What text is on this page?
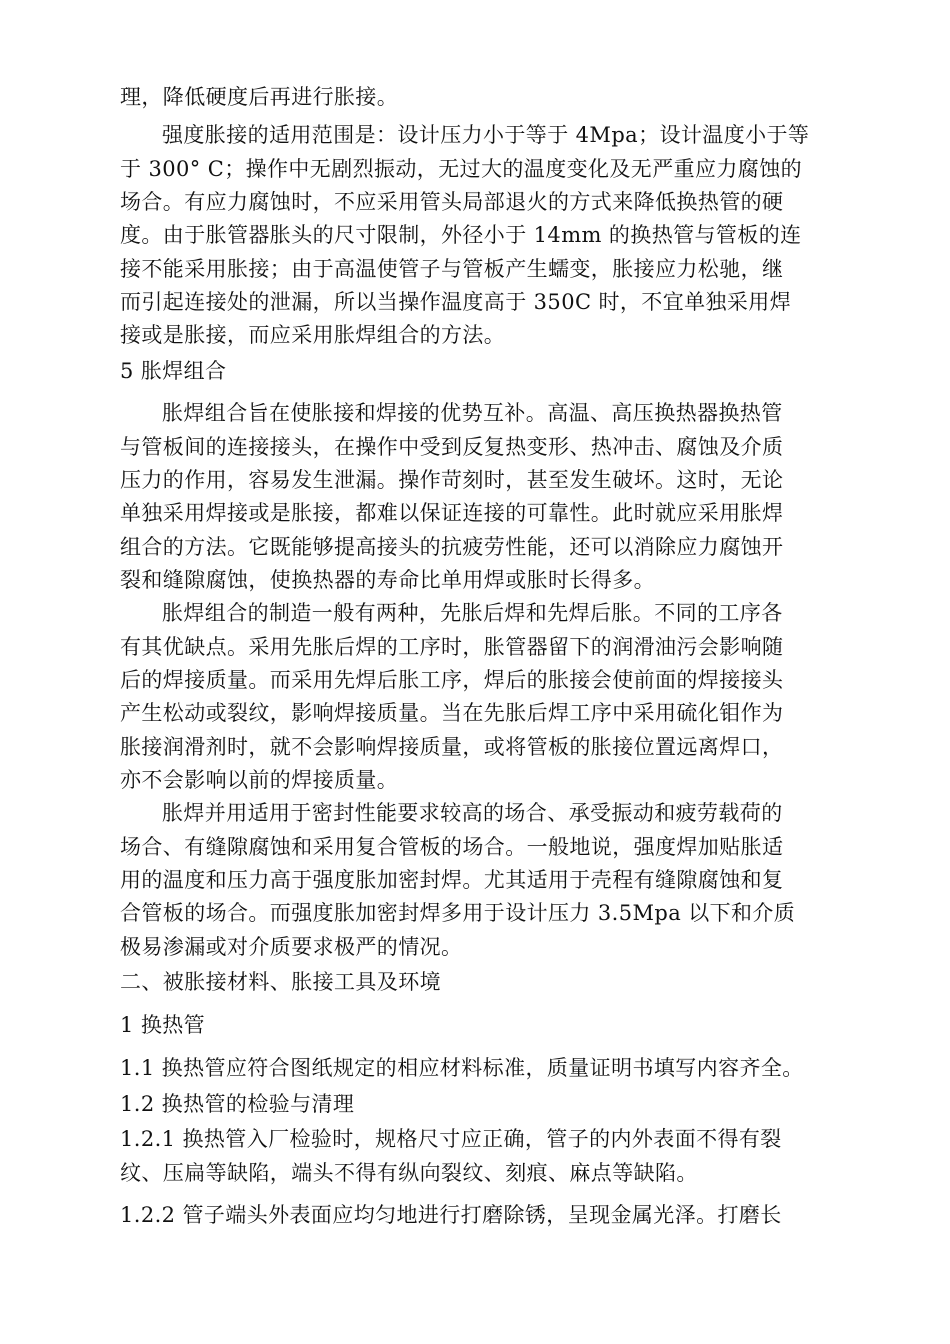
理，降低硬度后再进行胀接。
强度胀接的适用范围是：设计压力小于等于 4Mpa；设计温度小于等
于 300° C；操作中无剧烈振动，无过大的温度变化及无严重应力腐蚀的
场合。有应力腐蚀时，不应采用管头局部退火的方式来降低换热管的硬
度。由于胀管器胀头的尺寸限制，外径小于 14mm 的换热管与管板的连
接不能采用胀接；由于高温使管子与管板产生蠕变，胀接应力松驰，继
而引起连接处的泄漏，所以当操作温度高于 350C 时，不宜单独采用焊
接或是胀接，而应采用胀焊组合的方法。
5 胀焊组合
胀焊组合旨在使胀接和焊接的优势互补。高温、高压换热器换热管
与管板间的连接接头，在操作中受到反复热变形、热冲击、腐蚀及介质
压力的作用，容易发生泄漏。操作苛刻时，甚至发生破坏。这时，无论
单独采用焊接或是胀接，都难以保证连接的可靠性。此时就应采用胀焊
组合的方法。它既能够提高接头的抗疲劳性能，还可以消除应力腐蚀开
裂和缝隙腐蚀，使换热器的寿命比单用焊或胀时长得多。
胀焊组合的制造一般有两种，先胀后焊和先焊后胀。不同的工序各
有其优缺点。采用先胀后焊的工序时，胀管器留下的润滑油污会影响随
后的焊接质量。而采用先焊后胀工序，焊后的胀接会使前面的焊接接头
产生松动或裂纹，影响焊接质量。当在先胀后焊工序中采用硫化钼作为
胀接润滑剂时，就不会影响焊接质量，或将管板的胀接位置远离焊口，
亦不会影响以前的焊接质量。
胀焊并用适用于密封性能要求较高的场合、承受振动和疲劳载荷的
场合、有缝隙腐蚀和采用复合管板的场合。一般地说，强度焊加贴胀适
用的温度和压力高于强度胀加密封焊。尤其适用于壳程有缝隙腐蚀和复
合管板的场合。而强度胀加密封焊多用于设计压力 3.5Mpa 以下和介质
极易渗漏或对介质要求极严的情况。
二、被胀接材料、胀接工具及环境
1 换热管
1.1 换热管应符合图纸规定的相应材料标准，质量证明书填写内容齐全。
1.2 换热管的检验与清理
1.2.1 换热管入厂检验时，规格尺寸应正确，管子的内外表面不得有裂
纹、压扁等缺陷，端头不得有纵向裂纹、刻痕、麻点等缺陷。
1.2.2 管子端头外表面应均匀地进行打磨除锈，呈现金属光泽。打磨长
